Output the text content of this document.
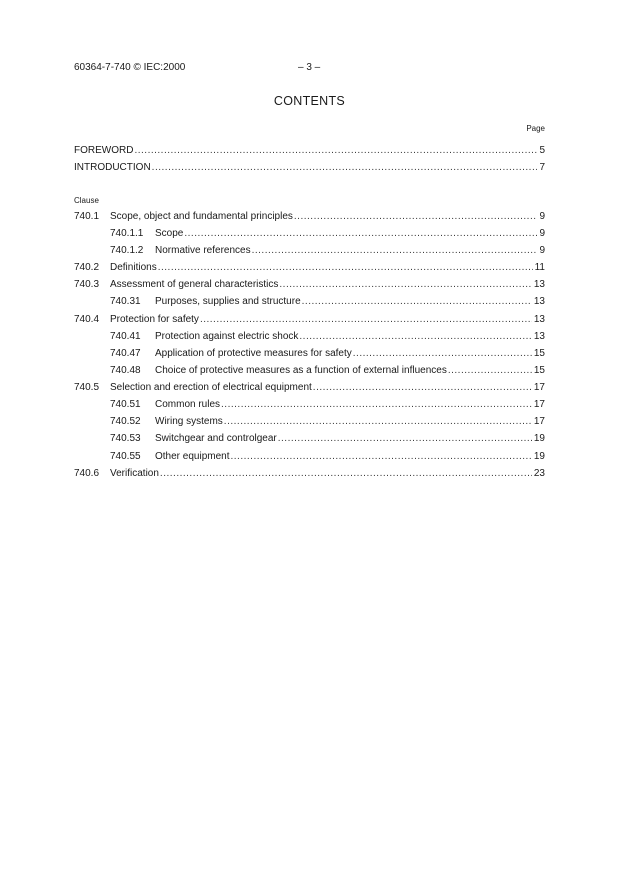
60364-7-740 © IEC:2000	– 3 –
CONTENTS
Page
FOREWORD .....	5
INTRODUCTION .....	7
Clause
740.1	Scope, object and fundamental principles .....	9
740.1.1	Scope .....	9
740.1.2	Normative references .....	9
740.2	Definitions .....	11
740.3	Assessment of general characteristics .....	13
740.31	Purposes, supplies and structure .....	13
740.4	Protection for safety .....	13
740.41	Protection against electric shock .....	13
740.47	Application of protective measures for safety .....	15
740.48	Choice of protective measures as a function of external influences .....	15
740.5	Selection and erection of electrical equipment .....	17
740.51	Common rules .....	17
740.52	Wiring systems .....	17
740.53	Switchgear and controlgear .....	19
740.55	Other equipment .....	19
740.6	Verification .....	23
